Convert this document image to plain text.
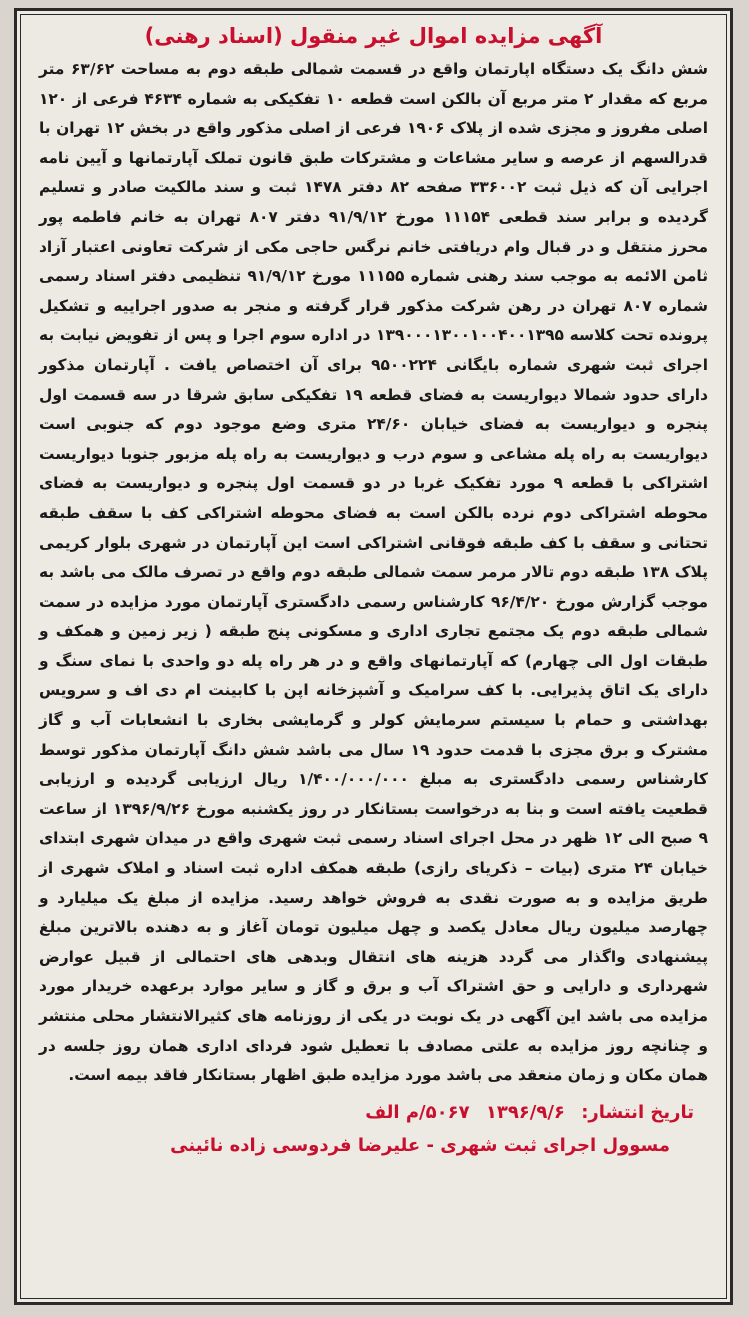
آگهی مزایده اموال غیر منقول (اسناد رهنی)

شش دانگ یک دستگاه اپارتمان واقع در قسمت شمالی طبقه دوم به مساحت ۶۳/۶۲ متر مربع که مقدار ۲ متر مربع آن بالکن است قطعه ۱۰ تفکیکی به شماره ۴۶۳۴ فرعی از ۱۲۰ اصلی مفروز و مجزی شده از پلاک ۱۹۰۶ فرعی از اصلی مذکور واقع در بخش ۱۲ تهران با قدرالسهم از عرصه و سایر مشاعات و مشترکات طبق قانون تملک آپارتمانها و آیین نامه اجرایی آن که ذیل ثبت ۳۳۶۰۰۲ صفحه ۸۲ دفتر ۱۴۷۸ ثبت و سند مالکیت صادر و تسلیم گردیده و برابر سند قطعی ۱۱۱۵۴ مورخ ۹۱/۹/۱۲ دفتر ۸۰۷ تهران به خانم فاطمه پور محرز منتقل و در قبال وام دریافتی خانم نرگس حاجی مکی از شرکت تعاونی اعتبار آزاد ثامن الائمه به موجب سند رهنی شماره ۱۱۱۵۵ مورخ ۹۱/۹/۱۲ تنظیمی دفتر اسناد رسمی شماره ۸۰۷ تهران در رهن شرکت مذکور قرار گرفته و منجر به صدور اجراییه و تشکیل پرونده تحت کلاسه ۱۳۹۰۰۰۱۳۰۰۱۰۰۴۰۰۱۳۹۵ در اداره سوم اجرا و پس از تفویض نیابت به اجرای ثبت شهری شماره بایگانی ۹۵۰۰۲۲۴ برای آن اختصاص یافت . آپارتمان مذکور دارای حدود شمالا دیواریست به فضای قطعه ۱۹ تفکیکی سابق شرقا در سه قسمت اول پنجره و دیواریست به فضای خیابان ۲۴/۶۰ متری وضع موجود دوم که جنوبی است دیواریست به راه پله مشاعی و سوم درب و دیواریست به راه پله مزبور جنوبا دیواریست اشتراکی با قطعه ۹ مورد تفکیک غربا در دو قسمت اول پنجره و دیواریست به فضای محوطه اشتراکی دوم نرده بالکن است به فضای محوطه اشتراکی کف با سقف طبقه تحتانی و سقف با کف طبقه فوقانی اشتراکی است این آپارتمان در شهری بلوار کریمی پلاک ۱۳۸ طبقه دوم تالار مرمر سمت شمالی طبقه دوم واقع در تصرف مالک می باشد به موجب گزارش مورخ ۹۶/۴/۲۰ کارشناس رسمی دادگستری آپارتمان مورد مزایده در سمت شمالی طبقه دوم یک مجتمع تجاری اداری و مسکونی پنج طبقه ( زیر زمین و همکف و طبقات اول الی چهارم) که آپارتمانهای واقع و در هر راه پله دو واحدی با نمای سنگ و دارای یک اتاق پذیرایی. با کف سرامیک و آشپزخانه اپن با کابینت ام دی اف و سرویس بهداشتی و حمام با سیستم سرمایش کولر و گرمایشی بخاری با انشعابات آب و گاز مشترک و برق مجزی با قدمت حدود ۱۹ سال می باشد شش دانگ آپارتمان مذکور توسط کارشناس رسمی دادگستری به مبلغ ۱/۴۰۰/۰۰۰/۰۰۰ ریال ارزیابی گردیده و ارزیابی قطعیت یافته است و بنا به درخواست بستانکار در روز یکشنبه مورخ ۱۳۹۶/۹/۲۶ از ساعت ۹ صبح الی ۱۲ ظهر در محل اجرای اسناد رسمی ثبت شهری واقع در میدان شهری ابتدای خیابان ۲۴ متری (بیات – ذکریای رازی) طبقه همکف اداره ثبت اسناد و املاک شهری از طریق مزایده و به صورت نقدی به فروش خواهد رسید. مزایده از مبلغ یک میلیارد و چهارصد میلیون ریال معادل یکصد و چهل میلیون تومان آغاز و به دهنده بالاترین مبلغ پیشنهادی واگذار می گردد هزینه های انتقال وبدهی های احتمالی از قبیل عوارض شهرداری و دارایی و حق اشتراک آب و برق و گاز و سایر موارد برعهده خریدار مورد مزایده می باشد این آگهی در یک نوبت در یکی از روزنامه های کثیرالانتشار محلی منتشر و چنانچه روز مزایده به علتی مصادف با تعطیل شود فردای اداری همان روز جلسه در همان مکان و زمان منعقد می باشد مورد مزایده طبق اظهار بستانکار فاقد بیمه است.

تاریخ انتشار: ۱۳۹۶/۹/۶ ۵۰۶۷/م الف
مسوول اجرای ثبت شهری - علیرضا فردوسی زاده نائینی
